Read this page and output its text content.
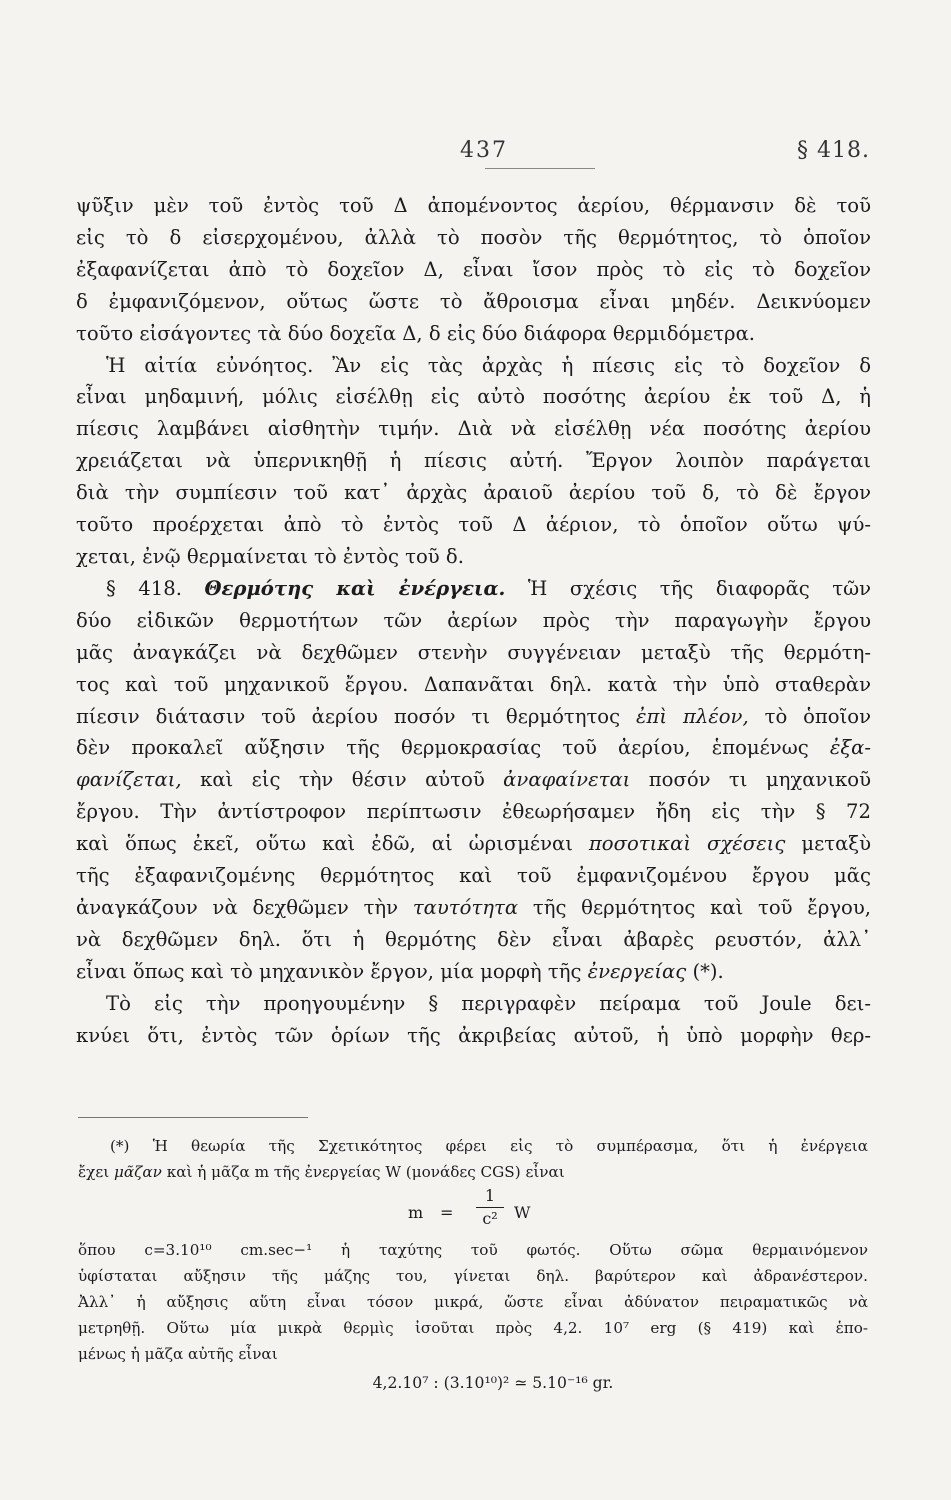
437	§ 418.

ψῦξιν μὲν τοῦ ἐντὸς τοῦ Δ ἀπομένοντος ἀερίου, θέρμανσιν δὲ τοῦ

εἰς τὸ δ εἰσερχομένου, ἀλλὰ τὸ ποσὸν τῆς θερμότητος, τὸ ὁποῖον

ἐξαφανίζεται ἀπὸ τὸ δοχεῖον Δ, εἶναι ἴσον πρὸς τὸ εἰς τὸ δοχεῖον

δ ἐμφανιζόμενον, οὕτως ὥστε τὸ ἄθροισμα εἶναι μηδέν. Δεικνύομεν

τοῦτο εἰσάγοντες τὰ δύο δοχεῖα Δ, δ εἰς δύο διάφορα θερμιδόμετρα.

Ἡ αἰτία εὐνόητος. Ἂν εἰς τὰς ἀρχὰς ἡ πίεσις εἰς τὸ δοχεῖον δ

εἶναι μηδαμινή, μόλις εἰσέλθῃ εἰς αὐτὸ ποσότης ἀερίου ἐκ τοῦ Δ, ἡ

πίεσις λαμβάνει αἰσθητὴν τιμήν. Διὰ νὰ εἰσέλθῃ νέα ποσότης ἀερίου

χρειάζεται νὰ ὑπερνικηθῇ ἡ πίεσις αὐτή. Ἔργον λοιπὸν παράγεται

διὰ τὴν συμπίεσιν τοῦ κατ᾽ ἀρχὰς ἀραιοῦ ἀερίου τοῦ δ, τὸ δὲ ἔργον

τοῦτο προέρχεται ἀπὸ τὸ ἐντὸς τοῦ Δ ἀέριον, τὸ ὁποῖον οὕτω ψύ-

χεται, ἐνῷ θερμαίνεται τὸ ἐντὸς τοῦ δ.

§ 418. Θερμότης καὶ ἐνέργεια. Ἡ σχέσις τῆς διαφορᾶς τῶν

δύο εἰδικῶν θερμοτήτων τῶν ἀερίων πρὸς τὴν παραγωγὴν ἔργου

μᾶς ἀναγκάζει νὰ δεχθῶμεν στενὴν συγγένειαν μεταξὺ τῆς θερμότη-

τος καὶ τοῦ μηχανικοῦ ἔργου. Δαπανᾶται δηλ. κατὰ τὴν ὑπὸ σταθερὰν

πίεσιν διάτασιν τοῦ ἀερίου ποσόν τι θερμότητος ἐπὶ πλέον, τὸ ὁποῖον

δὲν προκαλεῖ αὔξησιν τῆς θερμοκρασίας τοῦ ἀερίου, ἑπομένως ἐξα-

φανίζεται, καὶ εἰς τὴν θέσιν αὐτοῦ ἀναφαίνεται ποσόν τι μηχανικοῦ

ἔργου. Τὴν ἀντίστροφον περίπτωσιν ἐθεωρήσαμεν ἤδη εἰς τὴν § 72

καὶ ὅπως ἐκεῖ, οὕτω καὶ ἐδῶ, αἱ ὡρισμέναι ποσοτικαὶ σχέσεις μεταξὺ

τῆς ἐξαφανιζομένης θερμότητος καὶ τοῦ ἐμφανιζομένου ἔργου μᾶς

ἀναγκάζουν νὰ δεχθῶμεν τὴν ταυτότητα τῆς θερμότητος καὶ τοῦ ἔργου,

νὰ δεχθῶμεν δηλ. ὅτι ἡ θερμότης δὲν εἶναι ἀβαρὲς ρευστόν, ἀλλ᾽

εἶναι ὅπως καὶ τὸ μηχανικὸν ἔργον, μία μορφὴ τῆς ἐνεργείας (*).

Τὸ εἰς τὴν προηγουμένην § περιγραφὲν πείραμα τοῦ Joule δει-

κνύει ὅτι, ἐντὸς τῶν ὁρίων τῆς ἀκριβείας αὐτοῦ, ἡ ὑπὸ μορφὴν θερ-

(*) Ἡ θεωρία τῆς Σχετικότητος φέρει εἰς τὸ συμπέρασμα, ὅτι ἡ ἐνέργεια

ἔχει μᾶζαν καὶ ἡ μᾶζα m τῆς ἐνεργείας W (μονάδες CGS) εἶναι

$m = \frac{1}{\text{c²}}$ W

ὅπου c=3.10¹⁰ cm.sec−¹ ἡ ταχύτης τοῦ φωτός. Οὕτω σῶμα θερμαινόμενον

ὑφίσταται αὔξησιν τῆς μάζης του, γίνεται δηλ. βαρύτερον καὶ ἀδρανέστερον.

Ἀλλ᾽ ἡ αὔξησις αὕτη εἶναι τόσον μικρά, ὥστε εἶναι ἀδύνατον πειραματικῶς νὰ

μετρηθῇ. Οὕτω μία μικρὰ θερμὶς ἰσοῦται πρὸς 4,2. 10⁷ erg (§ 419) καὶ ἑπο-

μένως ἡ μᾶζα αὐτῆς εἶναι

4,2.10⁷ : (3.10¹⁰)² ≃ 5.10⁻¹⁶ gr.
